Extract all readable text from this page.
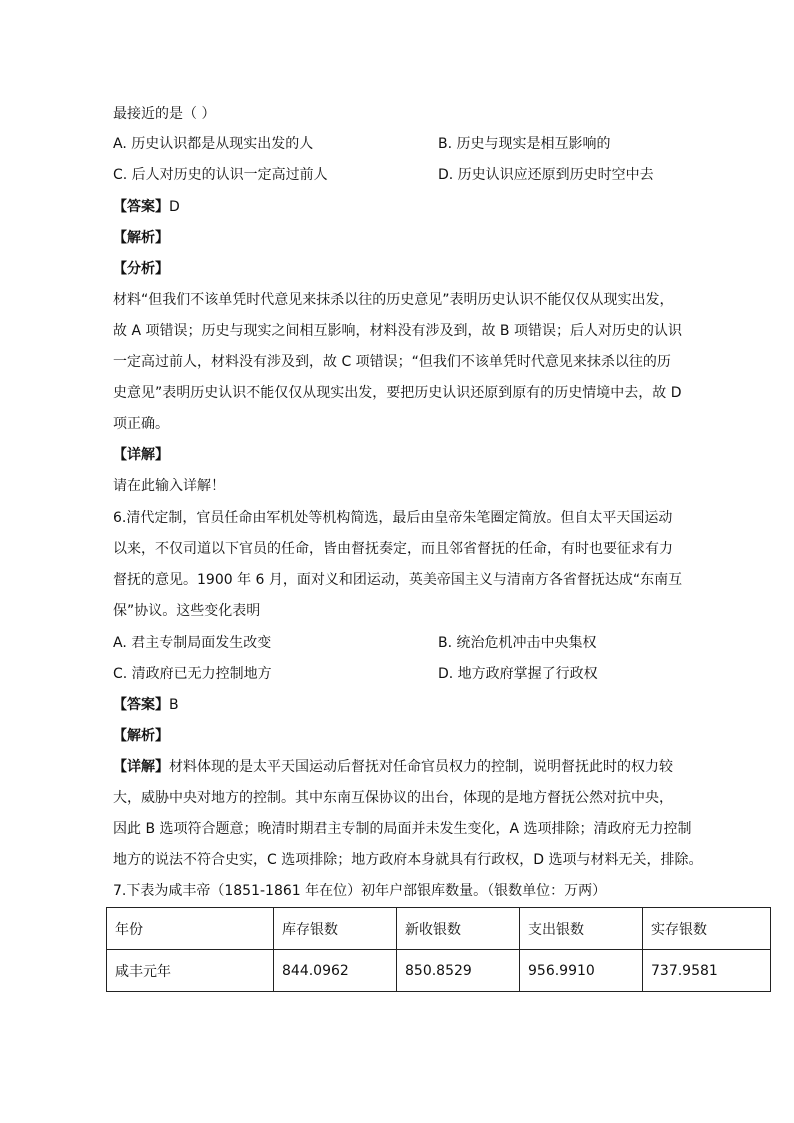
最接近的是（ ）
A. 历史认识都是从现实出发的人	B. 历史与现实是相互影响的
C. 后人对历史的认识一定高过前人	D. 历史认识应还原到历史时空中去
【答案】D
【解析】
【分析】
材料“但我们不该单凭时代意见来抹杀以往的历史意见”表明历史认识不能仅仅从现实出发，
故 A 项错误；历史与现实之间相互影响，材料没有涉及到，故 B 项错误；后人对历史的认识
一定高过前人，材料没有涉及到，故 C 项错误；“但我们不该单凭时代意见来抹杀以往的历
史意见”表明历史认识不能仅仅从现实出发，要把历史认识还原到原有的历史情境中去，故 D
项正确。
【详解】
请在此输入详解！
6.清代定制，官员任命由军机处等机构简选，最后由皇帝朱笔圈定简放。但自太平天国运动
以来，不仅司道以下官员的任命，皆由督抚奏定，而且邻省督抚的任命，有时也要征求有力
督抚的意见。1900 年 6 月，面对义和团运动，英美帝国主义与清南方各省督抚达成“东南互
保”协议。这些变化表明
A. 君主专制局面发生改变	B. 统治危机冲击中央集权
C. 清政府已无力控制地方	D. 地方政府掌握了行政权
【答案】B
【解析】
【详解】材料体现的是太平天国运动后督抚对任命官员权力的控制，说明督抚此时的权力较
大，威胁中央对地方的控制。其中东南互保协议的出台，体现的是地方督抚公然对抗中央，
因此 B 选项符合题意；晚清时期君主专制的局面并未发生变化，A 选项排除；清政府无力控制
地方的说法不符合史实，C 选项排除；地方政府本身就具有行政权，D 选项与材料无关，排除。
7.下表为咸丰帝（1851-1861 年在位）初年户部银库数量。（银数单位：万两）
年份	库存银数	新收银数	支出银数	实存银数
咸丰元年	844.0962	850.8529	956.9910	737.9581
